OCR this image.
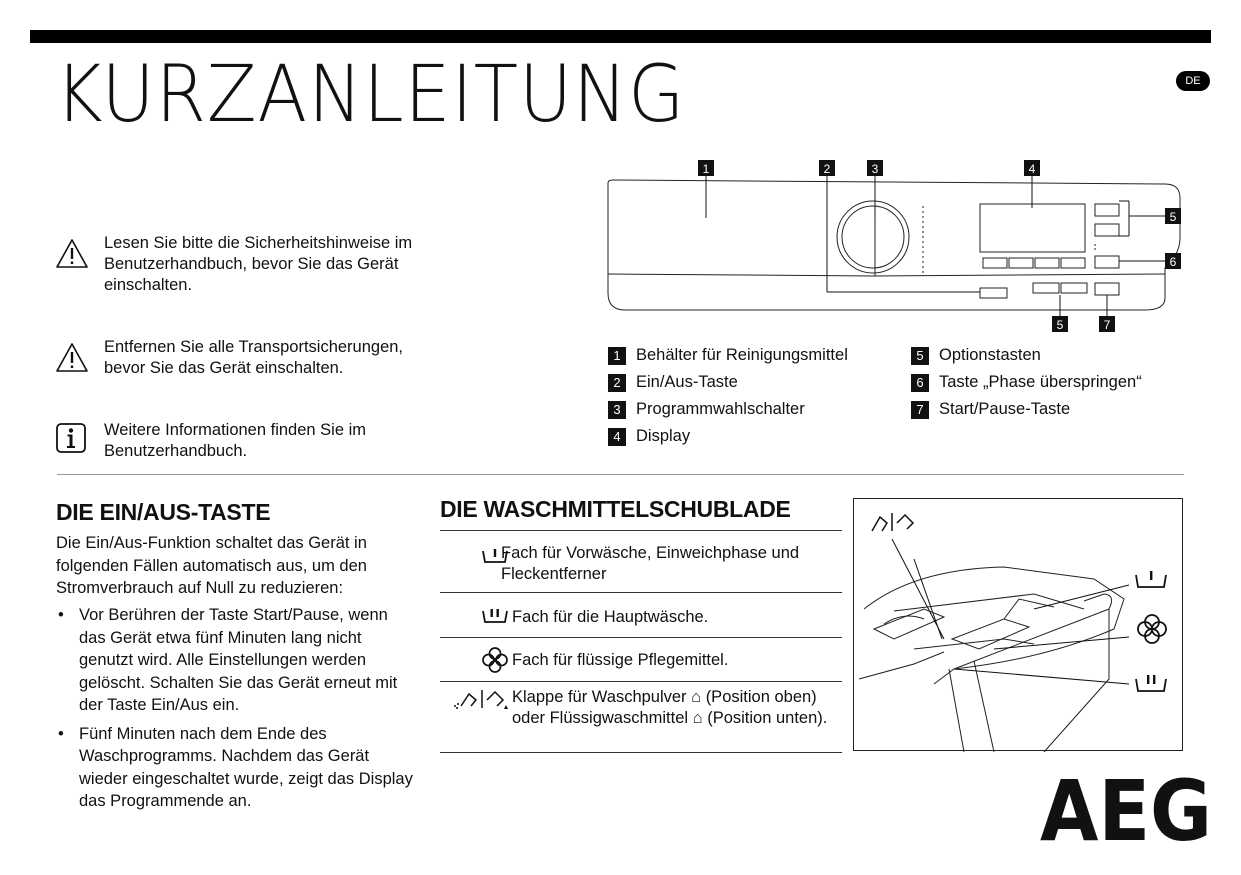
KURZANLEITUNG	DE
Lesen Sie bitte die Sicherheitshinweise im Benutzerhandbuch, bevor Sie das Gerät einschalten.
Entfernen Sie alle Transportsicherungen, bevor Sie das Gerät einschalten.
Weitere Informationen finden Sie im Benutzerhandbuch.
1	2	3	4
5
6
5	7
1 Behälter für Reinigungsmittel
2 Ein/Aus-Taste
3 Programmwahlschalter
4 Display
5 Optionstasten
6 Taste „Phase überspringen“
7 Start/Pause-Taste
DIE EIN/AUS-TASTE
Die Ein/Aus-Funktion schaltet das Gerät in folgenden Fällen automatisch aus, um den Stromverbrauch auf Null zu reduzieren:
• Vor Berühren der Taste Start/Pause, wenn das Gerät etwa fünf Minuten lang nicht genutzt wird. Alle Einstellungen werden gelöscht. Schalten Sie das Gerät erneut mit der Taste Ein/Aus ein.
• Fünf Minuten nach dem Ende des Waschprogramms. Nachdem das Gerät wieder eingeschaltet wurde, zeigt das Display das Programmende an.
DIE WASCHMITTELSCHUBLADE
Fach für Vorwäsche, Einweichphase und Fleckentferner
Fach für die Hauptwäsche.
Fach für flüssige Pflegemittel.
Klappe für Waschpulver ⌂ (Position oben) oder Flüssigwaschmittel ⌂ (Position unten).
AEG
